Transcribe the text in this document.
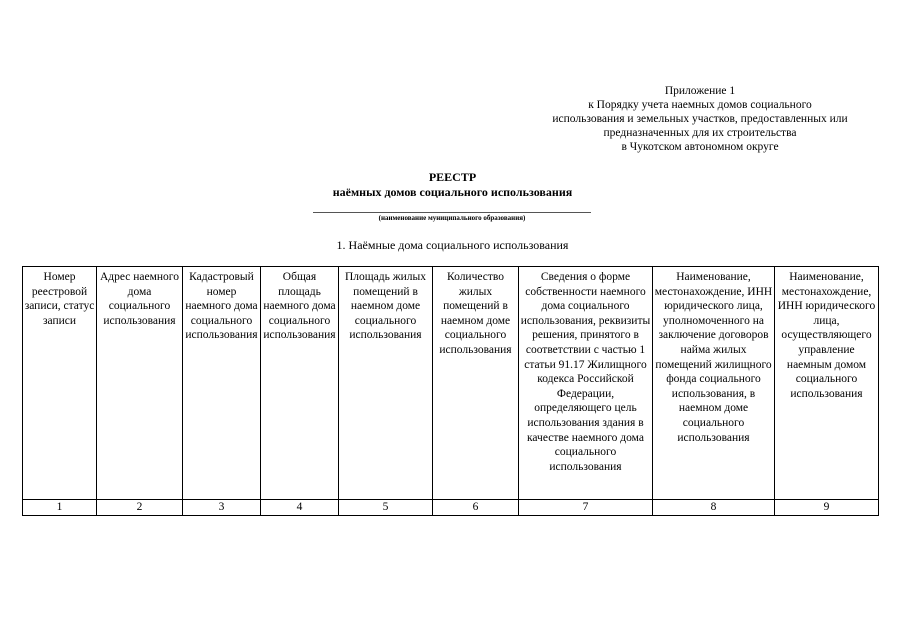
Приложение 1
к Порядку учета наемных домов социального
использования и земельных участков, предоставленных или
предназначенных для их строительства
в Чукотском автономном округе
РЕЕСТР
наёмных домов социального использования
(наименование муниципального образования)
1. Наёмные дома социального использования
Номер реестровой записи, статус записи	Адрес наемного дома социального использования	Кадастровый номер наемного дома социального использования	Общая площадь наемного дома социального использования	Площадь жилых помещений в наемном доме социального использования	Количество жилых помещений в наемном доме социального использования	Сведения о форме собственности наемного дома социального использования, реквизиты решения, принятого в соответствии с частью 1 статьи 91.17 Жилищного кодекса Российской Федерации, определяющего цель использования здания в качестве наемного дома социального использования	Наименование, местонахождение, ИНН юридического лица, уполномоченного на заключение договоров найма жилых помещений жилищного фонда социального использования, в наемном доме социального использования	Наименование, местонахождение, ИНН юридического лица, осуществляющего управление наемным домом социального использования
1	2	3	4	5	6	7	8	9
